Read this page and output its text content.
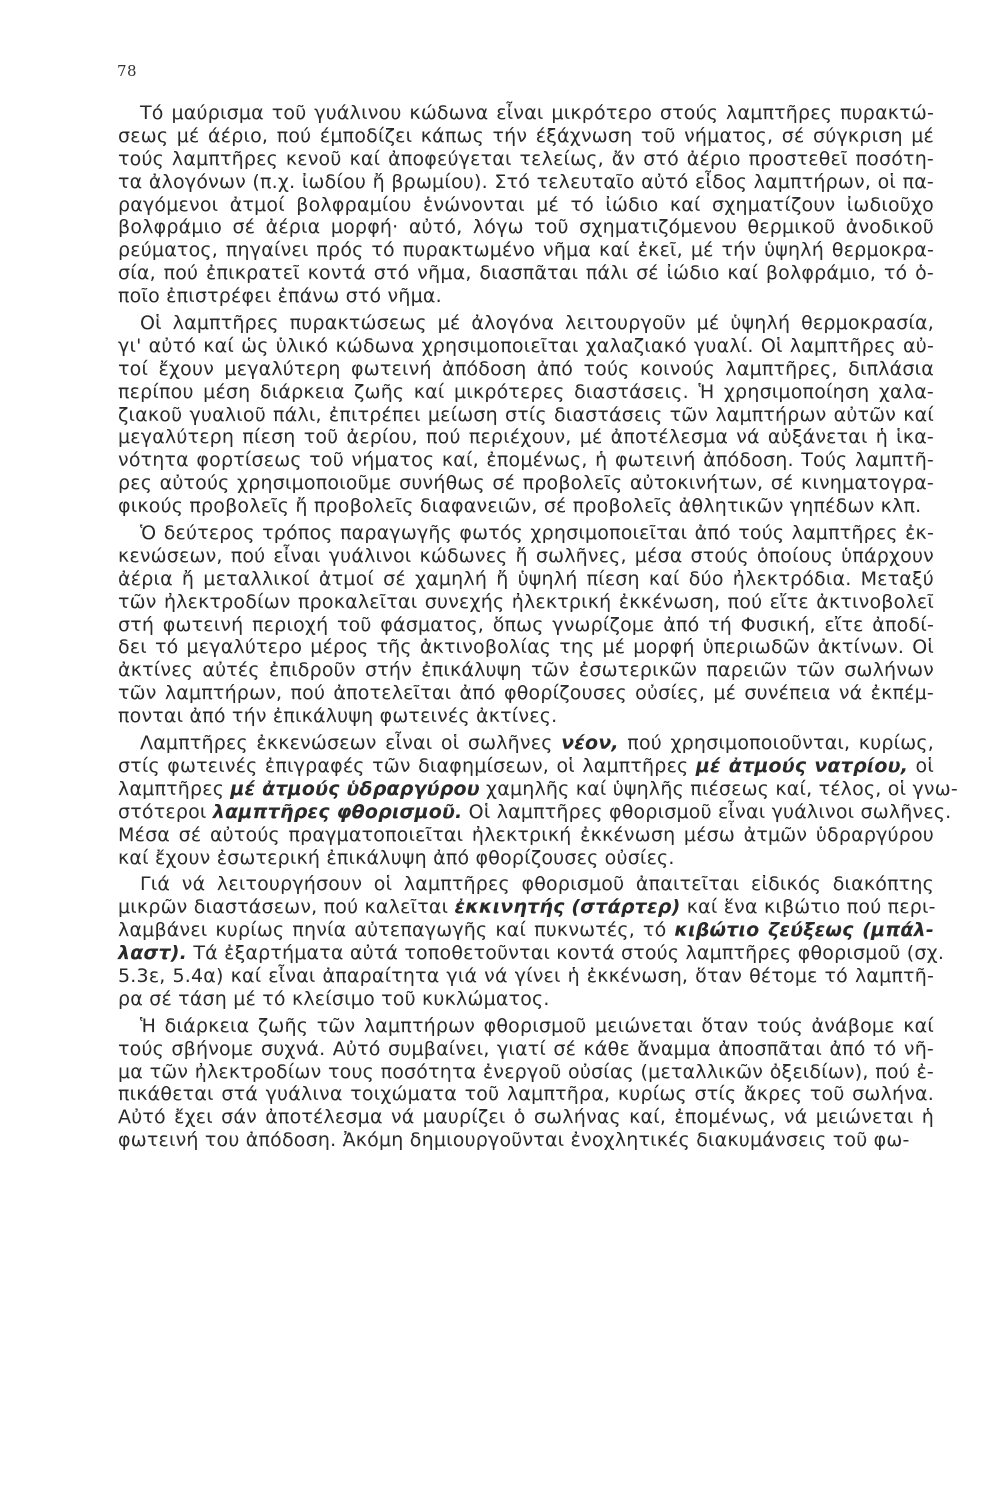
78
Τό μαύρισμα τοῦ γυάλινου κώδωνα εἶναι μικρότερο στούς λαμπτῆρες πυρακτώ-
σεως μέ άέριο, πού έμποδίζει κάπως τήν έξάχνωση τοῦ νήματος, σέ σύγκριση μέ
τούς λαμπτῆρες κενοῦ καί ἀποφεύγεται τελείως, ἄν στό ἀέριο προστεθεῖ ποσότη-
τα ἀλογόνων (π.χ. ἰωδίου ἤ βρωμίου). Στό τελευταῖο αὐτό εἶδος λαμπτήρων, οἱ πα-
ραγόμενοι ἀτμοί βολφραμίου ἑνώνονται μέ τό ἰώδιο καί σχηματίζουν ἰωδιοῦχο
βολφράμιο σέ ἀέρια μορφή· αὐτό, λόγω τοῦ σχηματιζόμενου θερμικοῦ ἀνοδικοῦ
ρεύματος, πηγαίνει πρός τό πυρακτωμένο νῆμα καί ἐκεῖ, μέ τήν ὑψηλή θερμοκρα-
σία, πού ἐπικρατεῖ κοντά στό νῆμα, διασπᾶται πάλι σέ ἰώδιο καί βολφράμιο, τό ὁ-
ποῖο ἐπιστρέφει ἐπάνω στό νῆμα.
Οἱ λαμπτῆρες πυρακτώσεως μέ ἀλογόνα λειτουργοῦν μέ ὑψηλή θερμοκρασία,
γι' αὐτό καί ὡς ὑλικό κώδωνα χρησιμοποιεῖται χαλαζιακό γυαλί. Οἱ λαμπτῆρες αὐ-
τοί ἔχουν μεγαλύτερη φωτεινή ἀπόδοση ἀπό τούς κοινούς λαμπτῆρες, διπλάσια
περίπου μέση διάρκεια ζωῆς καί μικρότερες διαστάσεις. Ἡ χρησιμοποίηση χαλα-
ζιακοῦ γυαλιοῦ πάλι, ἐπιτρέπει μείωση στίς διαστάσεις τῶν λαμπτήρων αὐτῶν καί
μεγαλύτερη πίεση τοῦ ἀερίου, πού περιέχουν, μέ ἀποτέλεσμα νά αὐξάνεται ἡ ἱκα-
νότητα φορτίσεως τοῦ νήματος καί, ἐπομένως, ἡ φωτεινή ἀπόδοση. Τούς λαμπτῆ-
ρες αὐτούς χρησιμοποιοῦμε συνήθως σέ προβολεῖς αὐτοκινήτων, σέ κινηματογρα-
φικούς προβολεῖς ἤ προβολεῖς διαφανειῶν, σέ προβολεῖς ἀθλητικῶν γηπέδων κλπ.
Ὁ δεύτερος τρόπος παραγωγῆς φωτός χρησιμοποιεῖται ἀπό τούς λαμπτῆρες ἐκ-
κενώσεων, πού εἶναι γυάλινοι κώδωνες ἤ σωλῆνες, μέσα στούς ὁποίους ὑπάρχουν
ἀέρια ἤ μεταλλικοί ἀτμοί σέ χαμηλή ἤ ὑψηλή πίεση καί δύο ἠλεκτρόδια. Μεταξύ
τῶν ἠλεκτροδίων προκαλεῖται συνεχής ἠλεκτρική ἐκκένωση, πού εἴτε ἀκτινοβολεῖ
στή φωτεινή περιοχή τοῦ φάσματος, ὅπως γνωρίζομε ἀπό τή Φυσική, εἴτε ἀποδί-
δει τό μεγαλύτερο μέρος τῆς ἀκτινοβολίας της μέ μορφή ὑπεριωδῶν ἀκτίνων. Οἱ
ἀκτίνες αὐτές ἐπιδροῦν στήν ἐπικάλυψη τῶν ἐσωτερικῶν παρειῶν τῶν σωλήνων
τῶν λαμπτήρων, πού ἀποτελεῖται ἀπό φθορίζουσες οὐσίες, μέ συνέπεια νά ἐκπέμ-
πονται ἀπό τήν ἐπικάλυψη φωτεινές ἀκτίνες.
Λαμπτῆρες ἐκκενώσεων εἶναι οἱ σωλῆνες νέον, πού χρησιμοποιοῦνται, κυρίως,
στίς φωτεινές ἐπιγραφές τῶν διαφημίσεων, οἱ λαμπτῆρες μέ ἀτμούς νατρίου, οἱ
λαμπτῆρες μέ ἀτμούς ὑδραργύρου χαμηλῆς καί ὑψηλῆς πιέσεως καί, τέλος, οἱ γνω-
στότεροι λαμπτῆρες φθορισμοῦ. Οἱ λαμπτῆρες φθορισμοῦ εἶναι γυάλινοι σωλῆνες.
Μέσα σέ αὐτούς πραγματοποιεῖται ἠλεκτρική ἐκκένωση μέσω ἀτμῶν ὑδραργύρου
καί ἔχουν ἐσωτερική ἐπικάλυψη ἀπό φθορίζουσες οὐσίες.
Γιά νά λειτουργήσουν οἱ λαμπτῆρες φθορισμοῦ ἀπαιτεῖται εἰδικός διακόπτης
μικρῶν διαστάσεων, πού καλεῖται ἐκκινητής (στάρτερ) καί ἕνα κιβώτιο πού περι-
λαμβάνει κυρίως πηνία αὐτεπαγωγῆς καί πυκνωτές, τό κιβώτιο ζεύξεως (μπάλ-
λαστ). Τά ἐξαρτήματα αὐτά τοποθετοῦνται κοντά στούς λαμπτῆρες φθορισμοῦ (σχ.
5.3ε, 5.4α) καί εἶναι ἀπαραίτητα γιά νά γίνει ἡ ἐκκένωση, ὅταν θέτομε τό λαμπτῆ-
ρα σέ τάση μέ τό κλείσιμο τοῦ κυκλώματος.
Ἡ διάρκεια ζωῆς τῶν λαμπτήρων φθορισμοῦ μειώνεται ὅταν τούς ἀνάβομε καί
τούς σβήνομε συχνά. Αὐτό συμβαίνει, γιατί σέ κάθε ἄναμμα ἀποσπᾶται ἀπό τό νῆ-
μα τῶν ἠλεκτροδίων τους ποσότητα ἐνεργοῦ οὐσίας (μεταλλικῶν ὀξειδίων), πού ἐ-
πικάθεται στά γυάλινα τοιχώματα τοῦ λαμπτῆρα, κυρίως στίς ἄκρες τοῦ σωλήνα.
Αὐτό ἔχει σάν ἀποτέλεσμα νά μαυρίζει ὁ σωλήνας καί, ἐπομένως, νά μειώνεται ἡ
φωτεινή του ἀπόδοση. Ἀκόμη δημιουργοῦνται ἐνοχλητικές διακυμάνσεις τοῦ φω-
